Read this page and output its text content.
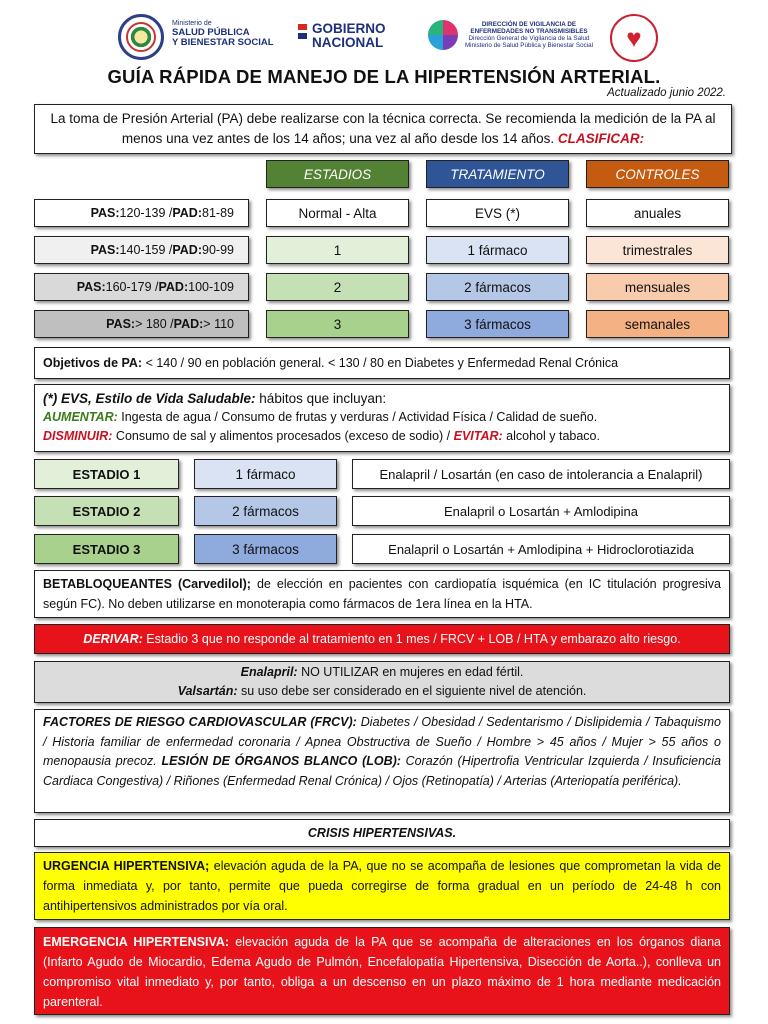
Ministerio de
SALUD PÚBLICA
Y BIENESTAR SOCIAL
GOBIERNO
NACIONAL
DIRECCIÓN DE VIGILANCIA DE
ENFERMEDADES NO TRANSMISIBLES
Dirección General de Vigilancia de la Salud
Ministerio de Salud Pública y Bienestar Social ♥
GUÍA RÁPIDA DE MANEJO DE LA HIPERTENSIÓN ARTERIAL.
Actualizado junio 2022.
La toma de Presión Arterial (PA) debe realizarse con la técnica correcta. Se recomienda la medición de la PA al menos una vez antes de los 14 años; una vez al año desde los 14 años. CLASIFICAR:
ESTADIOS	TRATAMIENTO	CONTROLES
PAS: 120-139 / PAD: 81-89	Normal - Alta	EVS (*)	anuales
PAS: 140-159 / PAD: 90-99	1	1 fármaco	trimestrales
PAS: 160-179 / PAD: 100-109	2	2 fármacos	mensuales
PAS: > 180 / PAD: > 110	3	3 fármacos	semanales
Objetivos de PA: < 140 / 90 en población general. < 130 / 80 en Diabetes y Enfermedad Renal Crónica
(*) EVS, Estilo de Vida Saludable: hábitos que incluyan:
AUMENTAR: Ingesta de agua / Consumo de frutas y verduras / Actividad Física / Calidad de sueño.
DISMINUIR: Consumo de sal y alimentos procesados (exceso de sodio) / EVITAR: alcohol y tabaco.
ESTADIO 1	1 fármaco	Enalapril / Losartán (en caso de intolerancia a Enalapril)
ESTADIO 2	2 fármacos	Enalapril o Losartán + Amlodipina
ESTADIO 3	3 fármacos	Enalapril o Losartán + Amlodipina + Hidroclorotiazida
BETABLOQUEANTES (Carvedilol); de elección en pacientes con cardiopatía isquémica (en IC titulación progresiva según FC). No deben utilizarse en monoterapia como fármacos de 1era línea en la HTA.
DERIVAR: Estadio 3 que no responde al tratamiento en 1 mes / FRCV + LOB / HTA y embarazo alto riesgo.
Enalapril: NO UTILIZAR en mujeres en edad fértil.
Valsartán: su uso debe ser considerado en el siguiente nivel de atención.
FACTORES DE RIESGO CARDIOVASCULAR (FRCV): Diabetes / Obesidad / Sedentarismo / Dislipidemia / Tabaquismo / Historia familiar de enfermedad coronaria / Apnea Obstructiva de Sueño / Hombre > 45 años / Mujer > 55 años o menopausia precoz. LESIÓN DE ÓRGANOS BLANCO (LOB): Corazón (Hipertrofia Ventricular Izquierda / Insuficiencia Cardiaca Congestiva) / Riñones (Enfermedad Renal Crónica) / Ojos (Retinopatía) / Arterias (Arteriopatía periférica).
CRISIS HIPERTENSIVAS.
URGENCIA HIPERTENSIVA; elevación aguda de la PA, que no se acompaña de lesiones que comprometan la vida de forma inmediata y, por tanto, permite que pueda corregirse de forma gradual en un período de 24-48 h con antihipertensivos administrados por vía oral.
EMERGENCIA HIPERTENSIVA: elevación aguda de la PA que se acompaña de alteraciones en los órganos diana (Infarto Agudo de Miocardio, Edema Agudo de Pulmón, Encefalopatía Hipertensiva, Disección de Aorta..), conlleva un compromiso vital inmediato y, por tanto, obliga a un descenso en un plazo máximo de 1 hora mediante medicación parenteral.
